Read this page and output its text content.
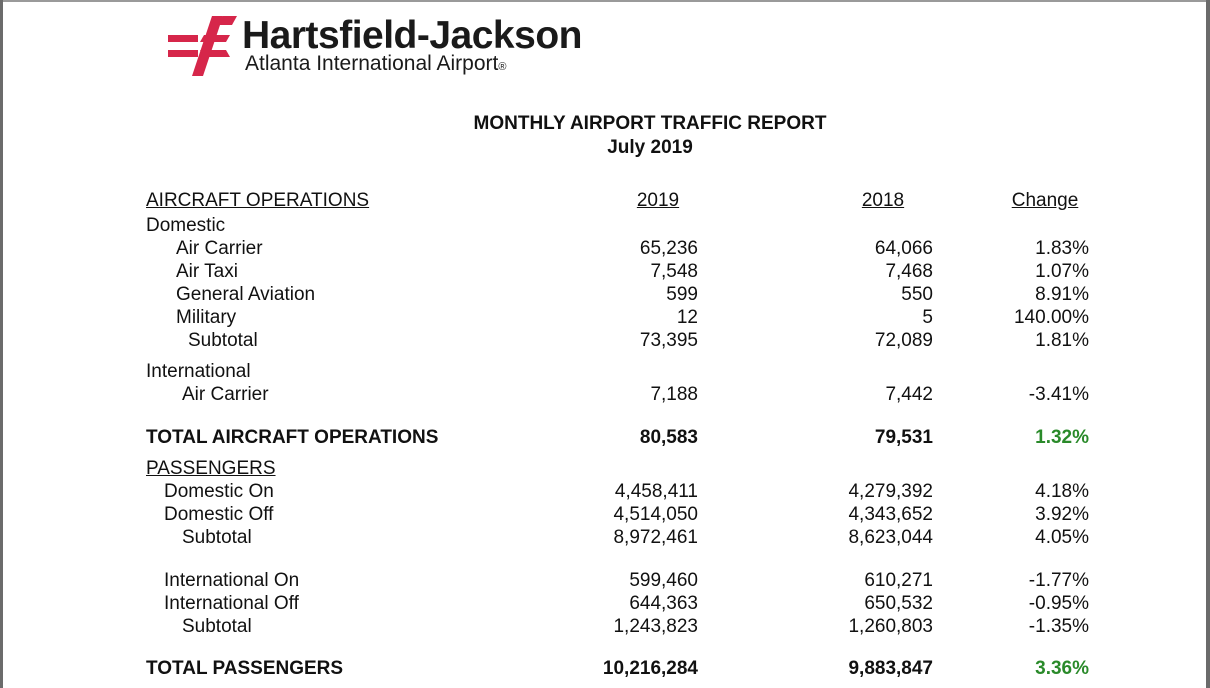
Hartsfield-Jackson
Atlanta International Airport®
MONTHLY AIRPORT TRAFFIC REPORT
July 2019
AIRCRAFT OPERATIONS	2019	2018	Change
Domestic
Air Carrier	65,236	64,066	1.83%
Air Taxi	7,548	7,468	1.07%
General Aviation	599	550	8.91%
Military	12	5	140.00%
Subtotal	73,395	72,089	1.81%
International
Air Carrier	7,188	7,442	-3.41%
TOTAL AIRCRAFT OPERATIONS	80,583	79,531	1.32%
PASSENGERS
Domestic On	4,458,411	4,279,392	4.18%
Domestic Off	4,514,050	4,343,652	3.92%
Subtotal	8,972,461	8,623,044	4.05%
International On	599,460	610,271	-1.77%
International Off	644,363	650,532	-0.95%
Subtotal	1,243,823	1,260,803	-1.35%
TOTAL PASSENGERS	10,216,284	9,883,847	3.36%
